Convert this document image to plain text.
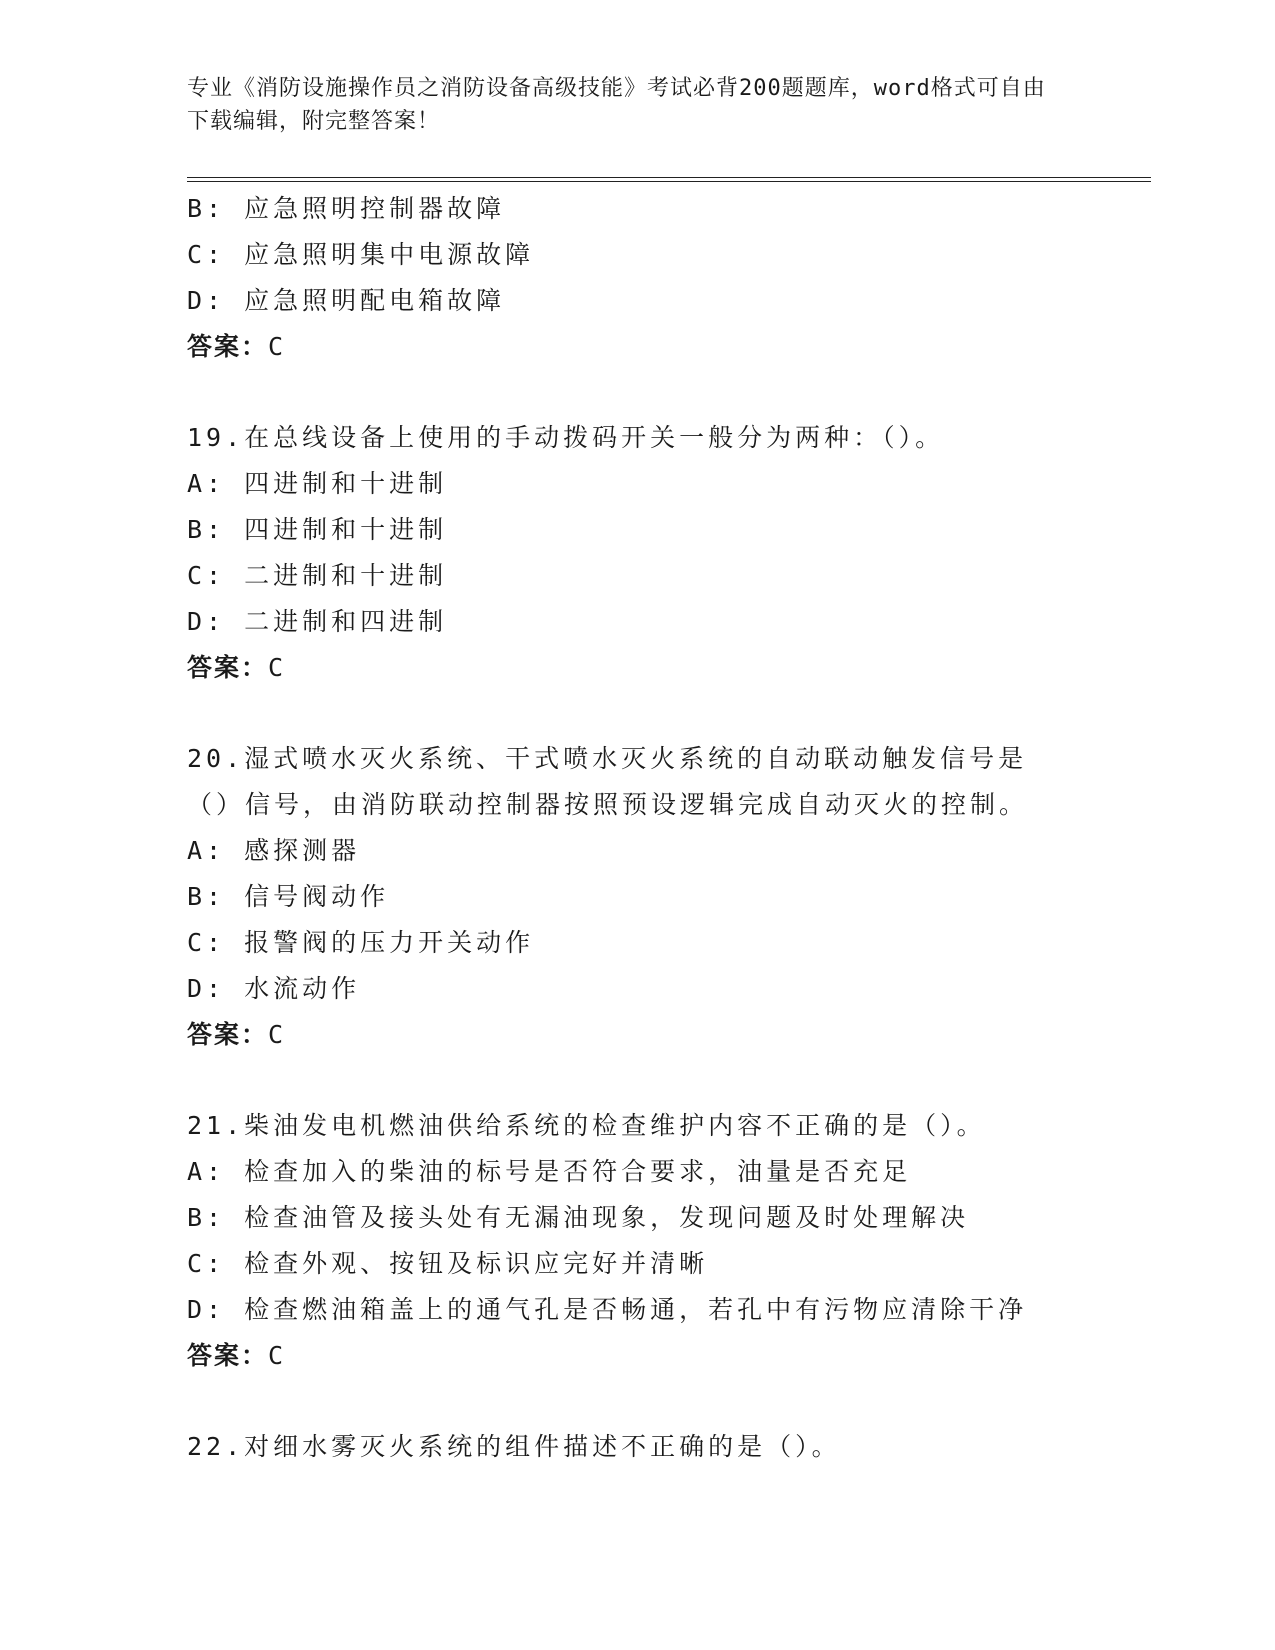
专业《消防设施操作员之消防设备高级技能》考试必背200题题库，word格式可自由下载编辑，附完整答案！
B: 应急照明控制器故障
C: 应急照明集中电源故障
D: 应急照明配电箱故障
答案：C
19.在总线设备上使用的手动拨码开关一般分为两种：（）。
A: 四进制和十进制
B: 四进制和十进制
C: 二进制和十进制
D: 二进制和四进制
答案：C
20.湿式喷水灭火系统、干式喷水灭火系统的自动联动触发信号是（）信号，由消防联动控制器按照预设逻辑完成自动灭火的控制。
A: 感探测器
B: 信号阀动作
C: 报警阀的压力开关动作
D: 水流动作
答案：C
21.柴油发电机燃油供给系统的检查维护内容不正确的是（）。
A: 检查加入的柴油的标号是否符合要求，油量是否充足
B: 检查油管及接头处有无漏油现象，发现问题及时处理解决
C: 检查外观、按钮及标识应完好并清晰
D: 检查燃油箱盖上的通气孔是否畅通，若孔中有污物应清除干净
答案：C
22.对细水雾灭火系统的组件描述不正确的是（）。
